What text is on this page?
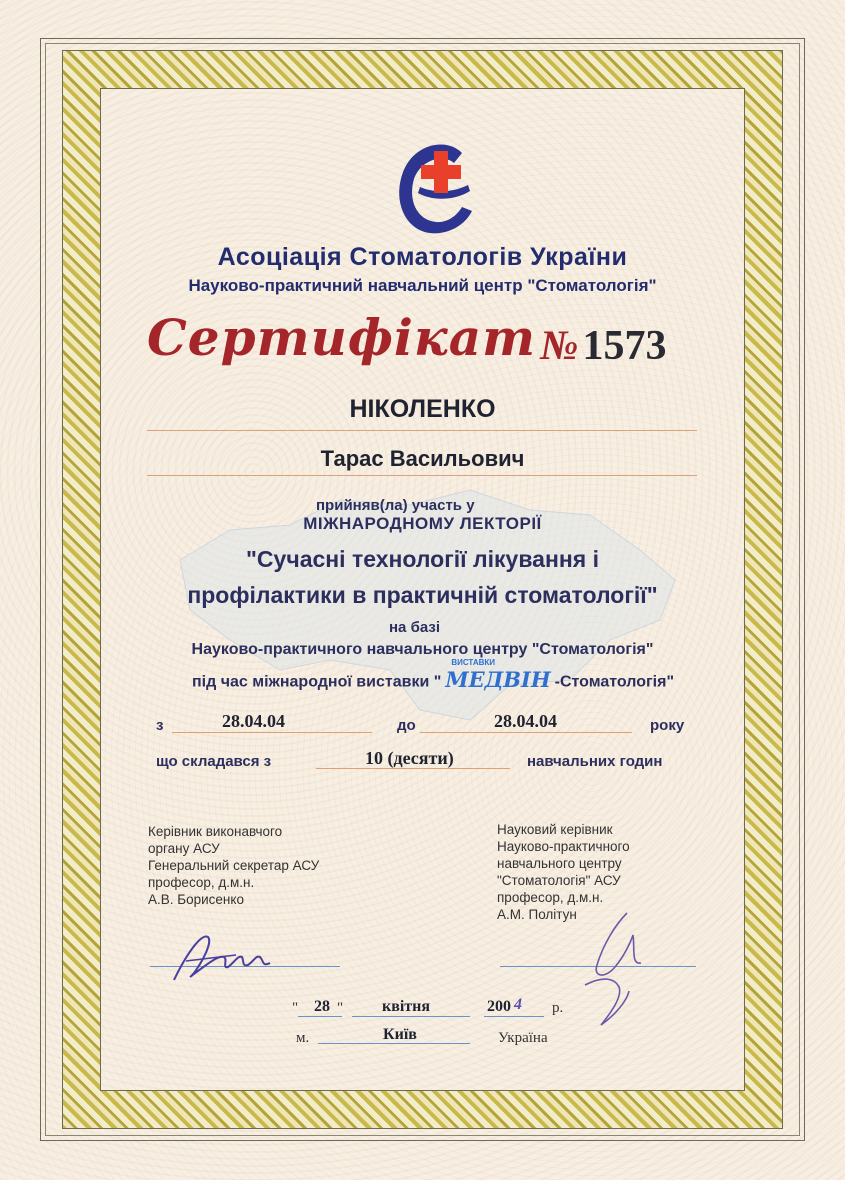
Асоціація Стоматологів України
Науково-практичний навчальний центр "Стоматологія"
Сертифікат №1573
НІКОЛЕНКО
Тарас Васильович
прийняв(ла) участь у
МІЖНАРОДНОМУ ЛЕКТОРІЇ
"Сучасні технології лікування і
профілактики в практичній стоматології"
на базі
Науково-практичного навчального центру "Стоматологія"
під час міжнародної виставки "
ВИСТАВКИ
МЕДВІН -Стоматологія"
з	28.04.04	до	28.04.04	року
що складався з	10 (десяти)	навчальних годин
Керівник виконавчого
органу АСУ
Генеральний секретар АСУ
професор, д.м.н.
А.В. Борисенко
Науковий керівник
Науково-практичного
навчального центру
"Стоматологія" АСУ
професор, д.м.н.
А.М. Політун
" 28 " квітня	200 4 р.
м.	Київ	Україна
